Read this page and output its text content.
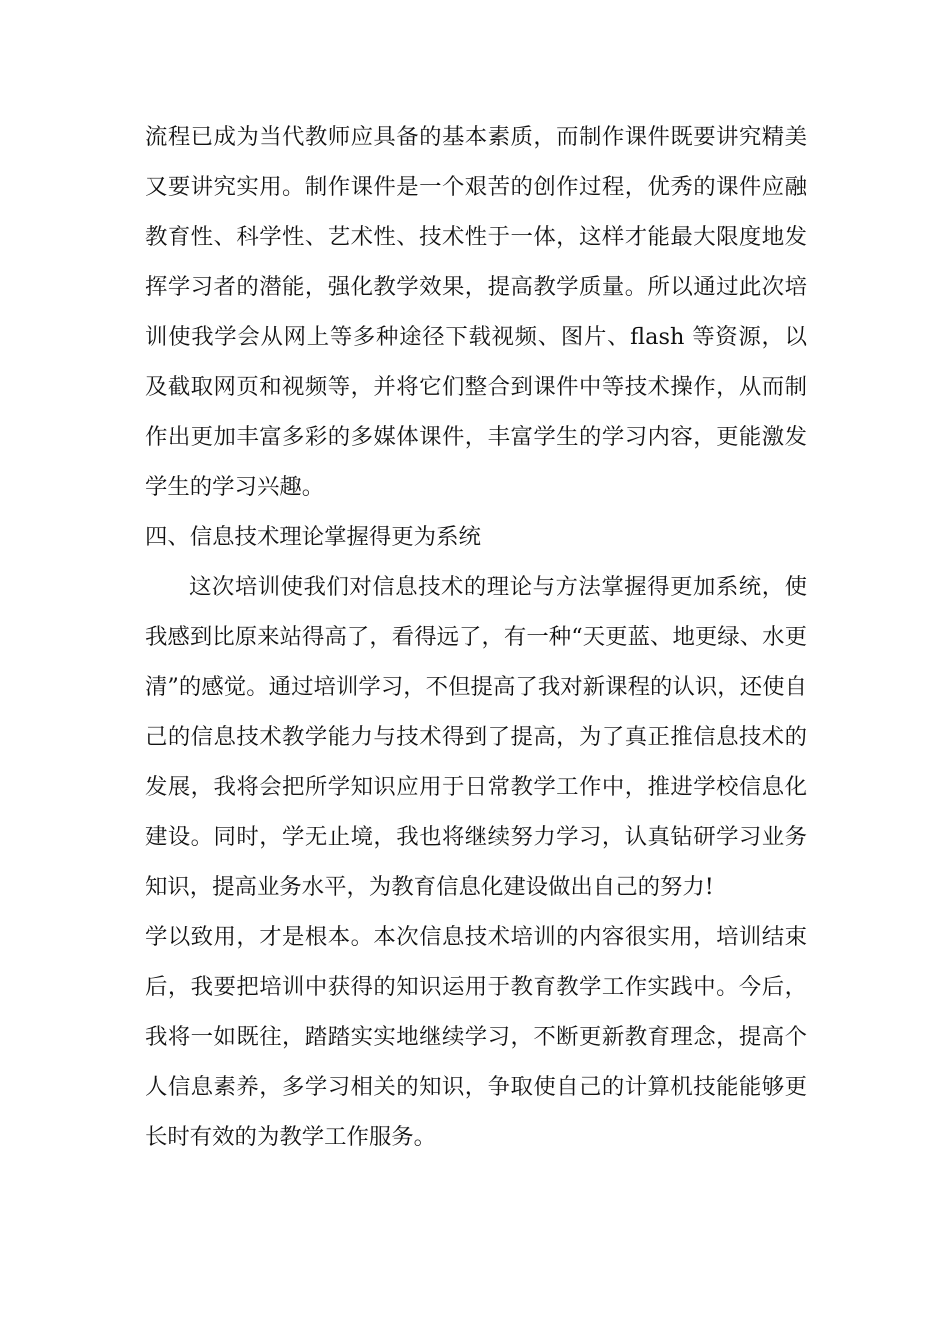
流程已成为当代教师应具备的基本素质，而制作课件既要讲究精美又要讲究实用。制作课件是一个艰苦的创作过程，优秀的课件应融教育性、科学性、艺术性、技术性于一体，这样才能最大限度地发挥学习者的潜能，强化教学效果，提高教学质量。所以通过此次培训使我学会从网上等多种途径下载视频、图片、flash 等资源，以及截取网页和视频等，并将它们整合到课件中等技术操作，从而制作出更加丰富多彩的多媒体课件，丰富学生的学习内容，更能激发学生的学习兴趣。

四、信息技术理论掌握得更为系统

这次培训使我们对信息技术的理论与方法掌握得更加系统，使我感到比原来站得高了，看得远了，有一种“天更蓝、地更绿、水更清”的感觉。通过培训学习，不但提高了我对新课程的认识，还使自己的信息技术教学能力与技术得到了提高，为了真正推信息技术的发展，我将会把所学知识应用于日常教学工作中，推进学校信息化建设。同时，学无止境，我也将继续努力学习，认真钻研学习业务知识，提高业务水平，为教育信息化建设做出自己的努力!

学以致用，才是根本。本次信息技术培训的内容很实用，培训结束后，我要把培训中获得的知识运用于教育教学工作实践中。今后，我将一如既往，踏踏实实地继续学习，不断更新教育理念，提高个人信息素养，多学习相关的知识，争取使自己的计算机技能能够更长时有效的为教学工作服务。
